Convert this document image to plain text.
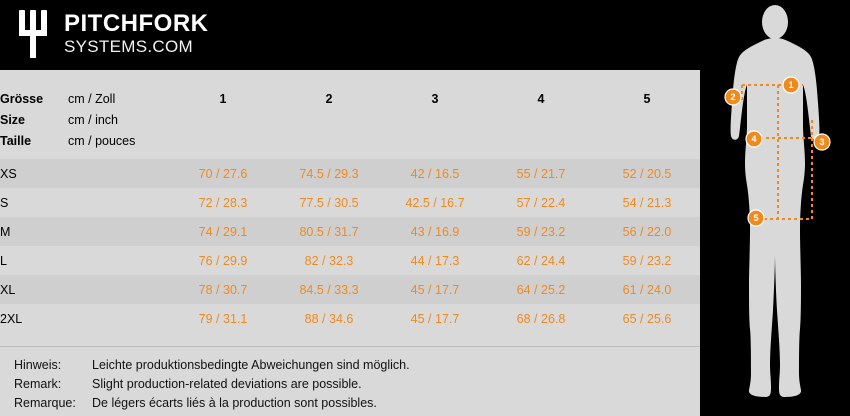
PITCHFORK
SYSTEMS.COM

Grösse	cm / Zoll	1	2	3	4	5
Size	cm / inch					
Taille	cm / pouces					

XS		70 / 27.6	74.5 / 29.3	42 / 16.5	55 / 21.7	52 / 20.5
S		72 / 28.3	77.5 / 30.5	42.5 / 16.7	57 / 22.4	54 / 21.3
M		74 / 29.1	80.5 / 31.7	43 / 16.9	59 / 23.2	56 / 22.0
L		76 / 29.9	82 / 32.3	44 / 17.3	62 / 24.4	59 / 23.2
XL		78 / 30.7	84.5 / 33.3	45 / 17.7	64 / 25.2	61 / 24.0
2XL		79 / 31.1	88 / 34.6	45 / 17.7	68 / 26.8	65 / 25.6
Hinweis:	Leichte produktionsbedingte Abweichungen sind möglich.
Remark:	Slight production-related deviations are possible.
Remarque:	De légers écarts liés à la production sont possibles.
1
2
3
4
5
